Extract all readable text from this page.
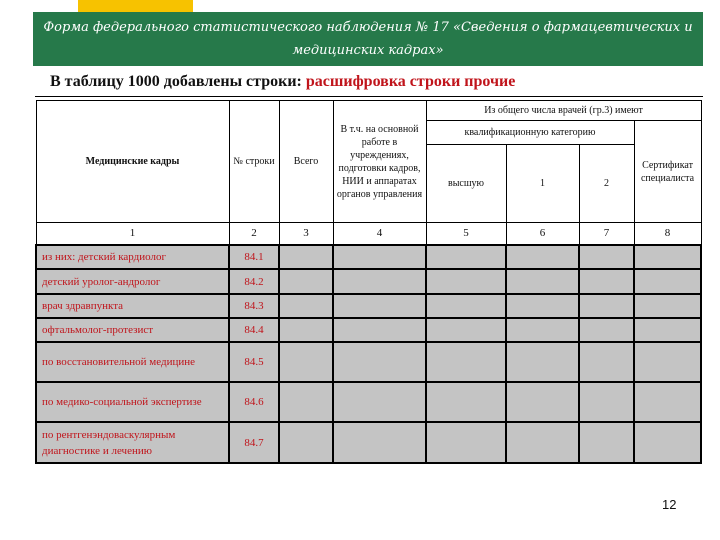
Форма федерального статистического наблюдения № 17 «Сведения о фармацевтических и
медицинских кадрах»
В таблицу 1000 добавлены строки: расшифровка строки прочие
Медицинские кадры	№ строки	Всего	В т.ч. на основной работе в учреждениях, подготовки кадров, НИИ и аппаратах органов управления	Из общего числа врачей (гр.3) имеют			
				квалификационную категорию			Сертификат специалиста
				высшую	1	2	
1	2	3	4	5	6	7	8
из них: детский кардиолог	84.1						
детский уролог-андролог	84.2						
врач здравпункта	84.3						
офтальмолог-протезист	84.4						
по восстановительной медицине	84.5						
по медико-социальной экспертизе	84.6						
по рентгенэндоваскулярным диагностике и лечению	84.7						
12
